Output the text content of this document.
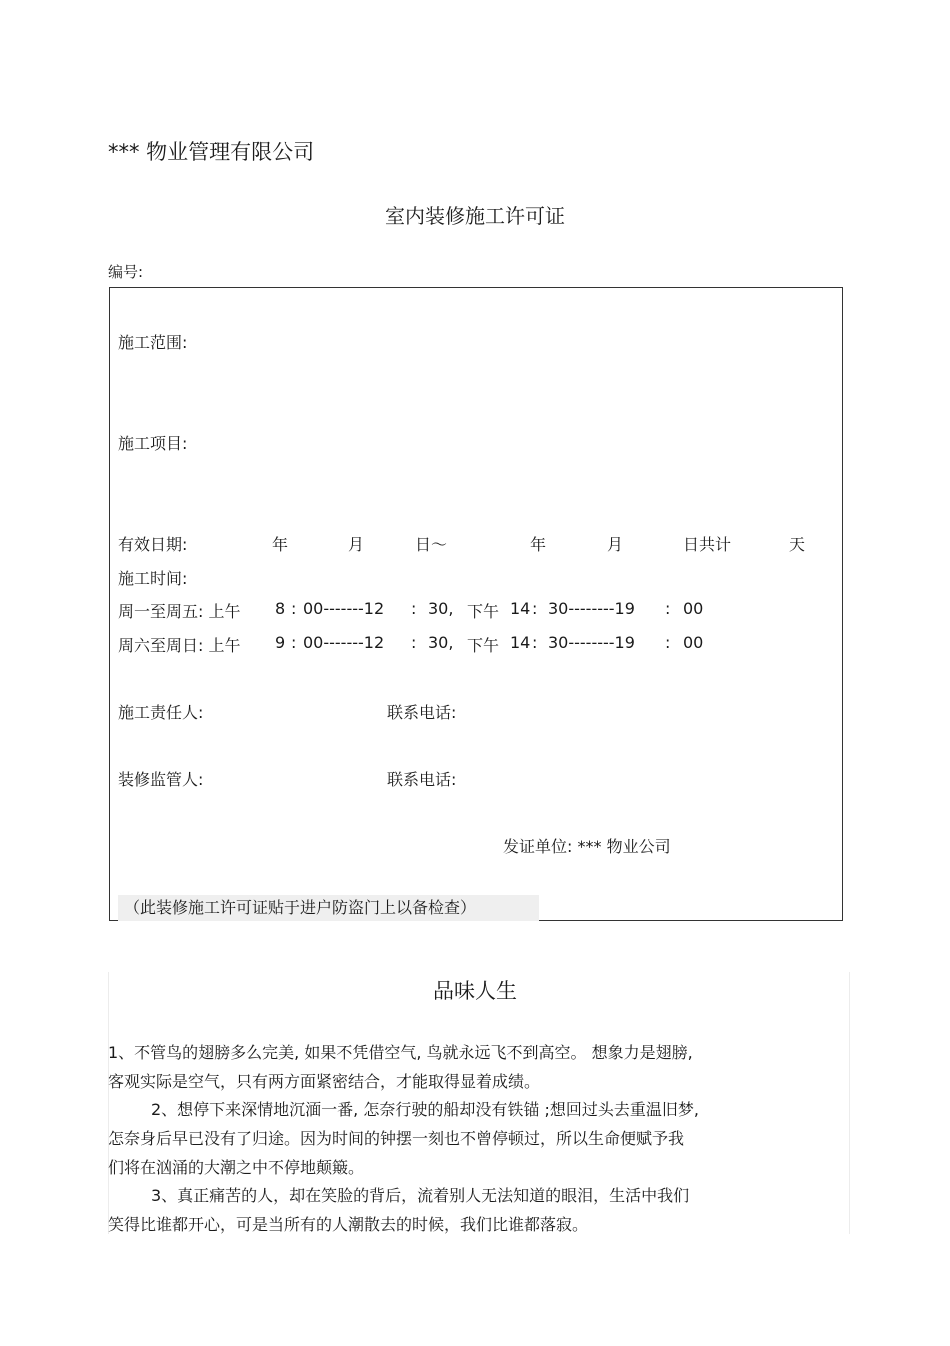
*** 物业管理有限公司
室内装修施工许可证
编号:
施工范围:
施工项目:
有效日期:	年	月	日～	年	月	日共计	天
施工时间:
周一至周五: 上午 8 : 00-------12 : 30, 下午 14 : 30--------19 : 00
周六至周日: 上午 9 : 00-------12 : 30, 下午 14 : 30--------19 : 00
施工责任人:	联系电话:
装修监管人:	联系电话:
发证单位: *** 物业公司
（此装修施工许可证贴于进户防盗门上以备检查）
品味人生
1、不管鸟的翅膀多么完美, 如果不凭借空气, 鸟就永远飞不到高空。 想象力是翅膀,
客观实际是空气，只有两方面紧密结合，才能取得显着成绩。
2、想停下来深情地沉湎一番, 怎奈行驶的船却没有铁锚 ;想回过头去重温旧梦,
怎奈身后早已没有了归途。因为时间的钟摆一刻也不曾停顿过，所以生命便赋予我
们将在汹涌的大潮之中不停地颠簸。
3、真正痛苦的人，却在笑脸的背后，流着别人无法知道的眼泪，生活中我们
笑得比谁都开心，可是当所有的人潮散去的时候，我们比谁都落寂。
